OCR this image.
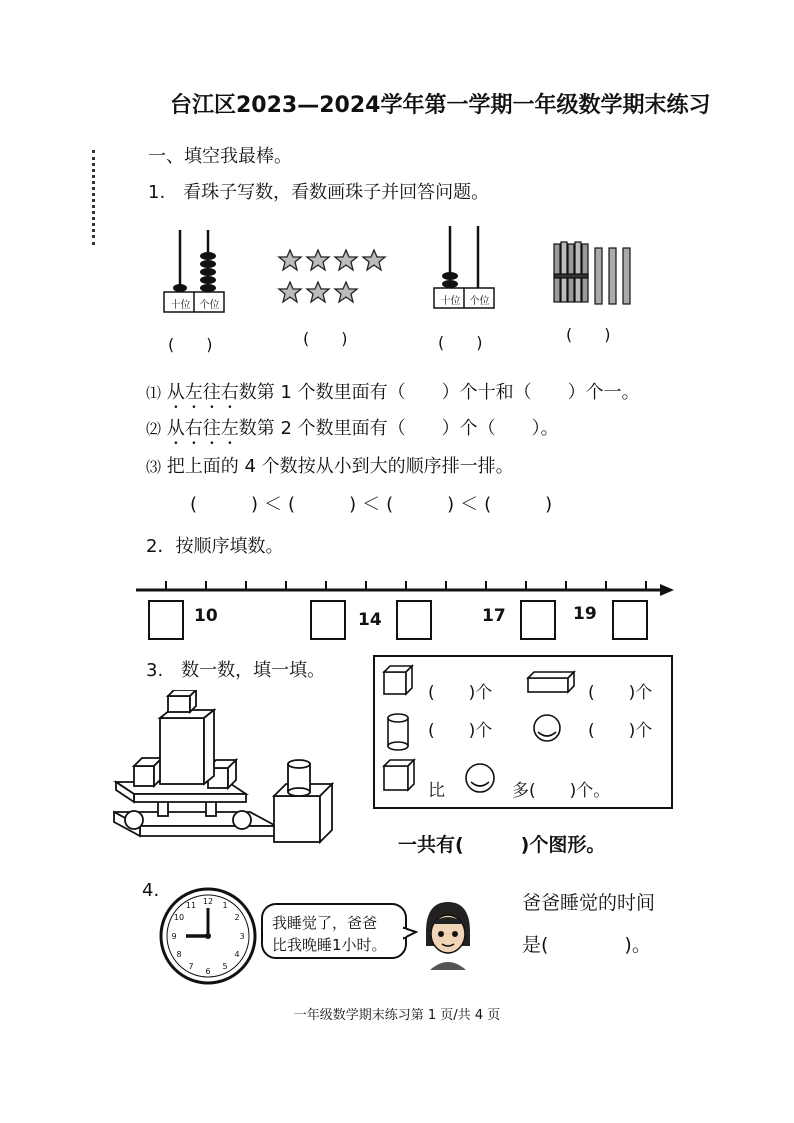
台江区2023—2024学年第一学期一年级数学期末练习
一、填空我最棒。
1.　看珠子写数，看数画珠子并回答问题。
十位 个位	十位 个位
(　　)	(　　)	(　　)	(　　)
⑴ 从左往右数第 1 个数里面有（　　）个十和（　　）个一。
⑵ 从右往左数第 2 个数里面有（　　）个（　　）。
⑶ 把上面的 4 个数按从小到大的顺序排一排。
(　　)＜(　　)＜(　　)＜(　　)
2．按顺序填数。
10	14	17	19
3.　数一数，填一填。
(　　)个	(　　)个
(　　)个	(　　)个
比	多(　　)个。
一共有(　　　)个图形。
4.
12 1
2
3
4
5
6
7
8
9
10
11
我睡觉了，爸爸
比我晚睡1小时。
爸爸睡觉的时间
是(　　　　)。
一年级数学期末练习第 1 页/共 4 页
